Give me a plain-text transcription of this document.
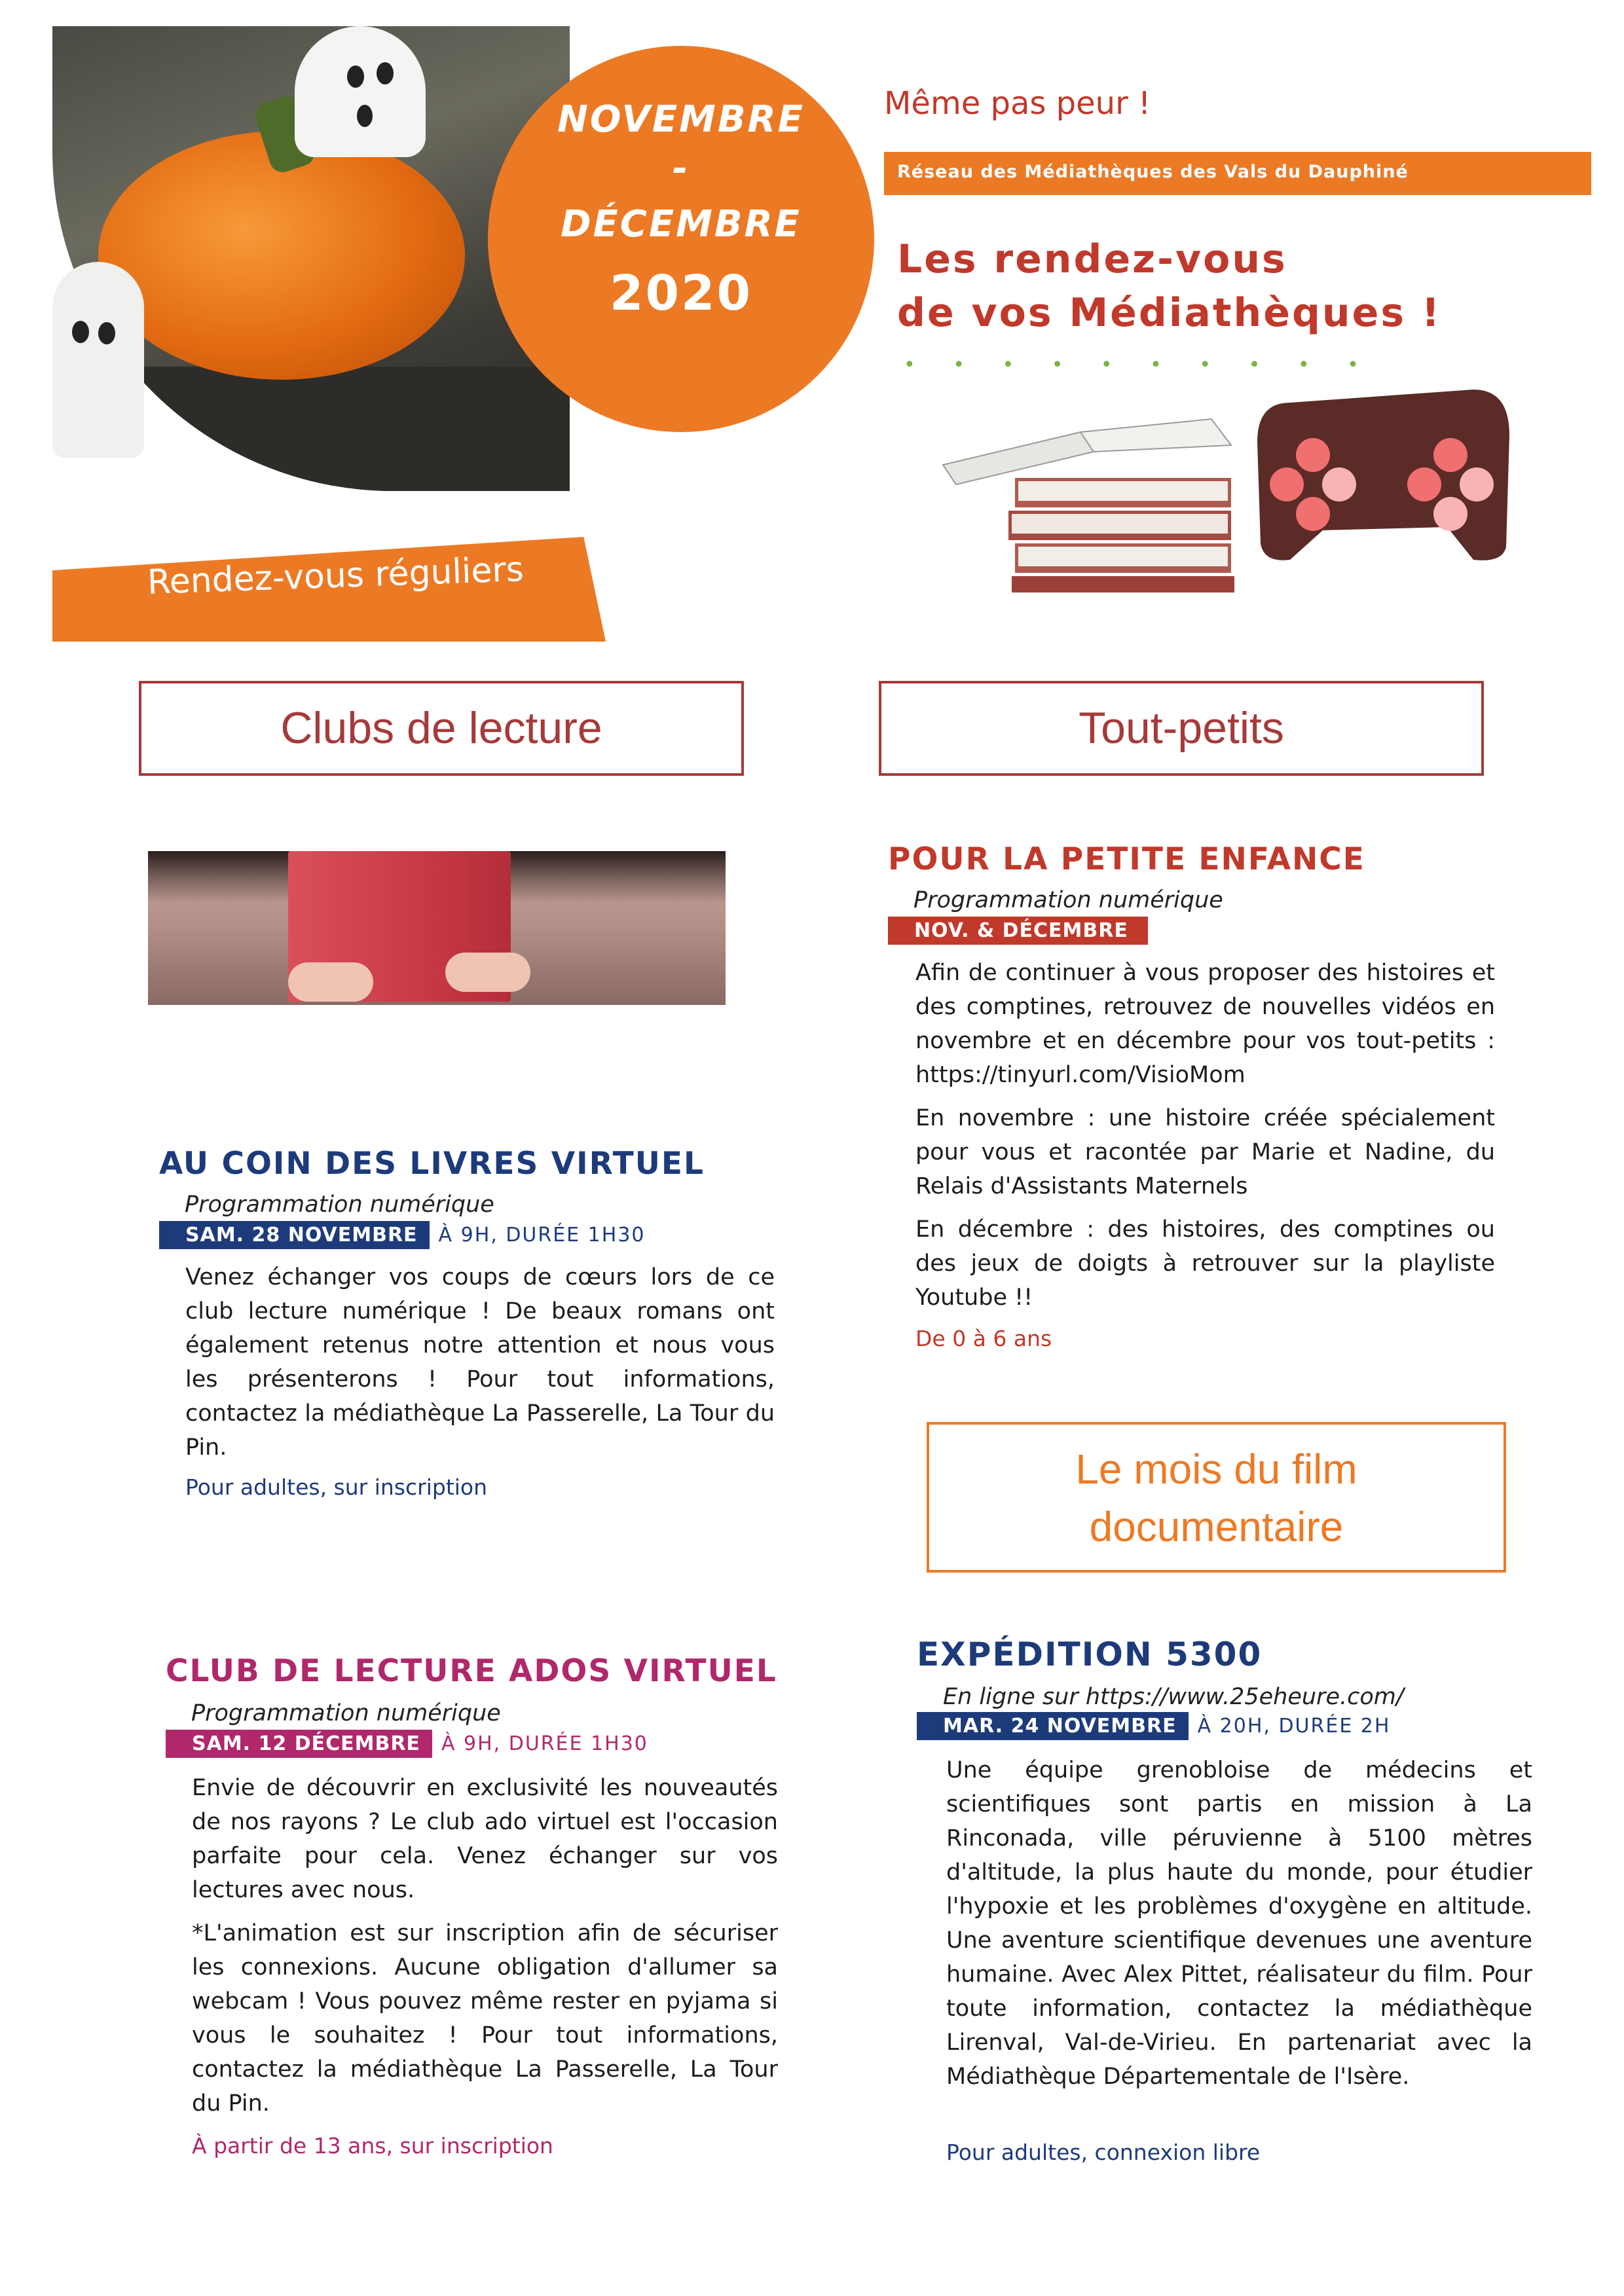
NOVEMBRE
-
DÉCEMBRE
2020
Même pas peur !
Réseau des Médiathèques des Vals du Dauphiné
Les rendez-vous
de vos Médiathèques !
• • • • • • • • • •
Rendez-vous réguliers
Clubs de lecture	Tout-petits
AU COIN DES LIVRES VIRTUEL
Programmation numérique
SAM. 28 NOVEMBRE À 9H, DURÉE 1H30

Venez échanger vos coups de cœurs lors de ce club lecture numérique ! De beaux romans ont également retenus notre attention et nous vous les présenterons ! Pour tout informations, contactez la médiathèque La Passerelle, La Tour du Pin.

Pour adultes, sur inscription
POUR LA PETITE ENFANCE
Programmation numérique
NOV. & DÉCEMBRE

Afin de continuer à vous proposer des histoires et des comptines, retrouvez de nouvelles vidéos en novembre et en décembre pour vos tout-petits : https://tinyurl.com/VisioMom

En novembre : une histoire créée spécialement pour vous et racontée par Marie et Nadine, du Relais d'Assistants Maternels

En décembre : des histoires, des comptines ou des jeux de doigts à retrouver sur la playliste Youtube !!

De 0 à 6 ans
Le mois du film
documentaire
CLUB DE LECTURE ADOS VIRTUEL
Programmation numérique
SAM. 12 DÉCEMBRE À 9H, DURÉE 1H30

Envie de découvrir en exclusivité les nouveautés de nos rayons ? Le club ado virtuel est l'occasion parfaite pour cela. Venez échanger sur vos lectures avec nous.

*L'animation est sur inscription afin de sécuriser les connexions. Aucune obligation d'allumer sa webcam ! Vous pouvez même rester en pyjama si vous le souhaitez ! Pour tout informations, contactez la médiathèque La Passerelle, La Tour du Pin.

À partir de 13 ans, sur inscription
EXPÉDITION 5300
En ligne sur https://www.25eheure.com/
MAR. 24 NOVEMBRE À 20H, DURÉE 2H

Une équipe grenobloise de médecins et scientifiques sont partis en mission à La Rinconada, ville péruvienne à 5100 mètres d'altitude, la plus haute du monde, pour étudier l'hypoxie et les problèmes d'oxygène en altitude. Une aventure scientifique devenues une aventure humaine. Avec Alex Pittet, réalisateur du film. Pour toute information, contactez la médiathèque Lirenval, Val-de-Virieu. En partenariat avec la Médiathèque Départementale de l'Isère.

Pour adultes, connexion libre
